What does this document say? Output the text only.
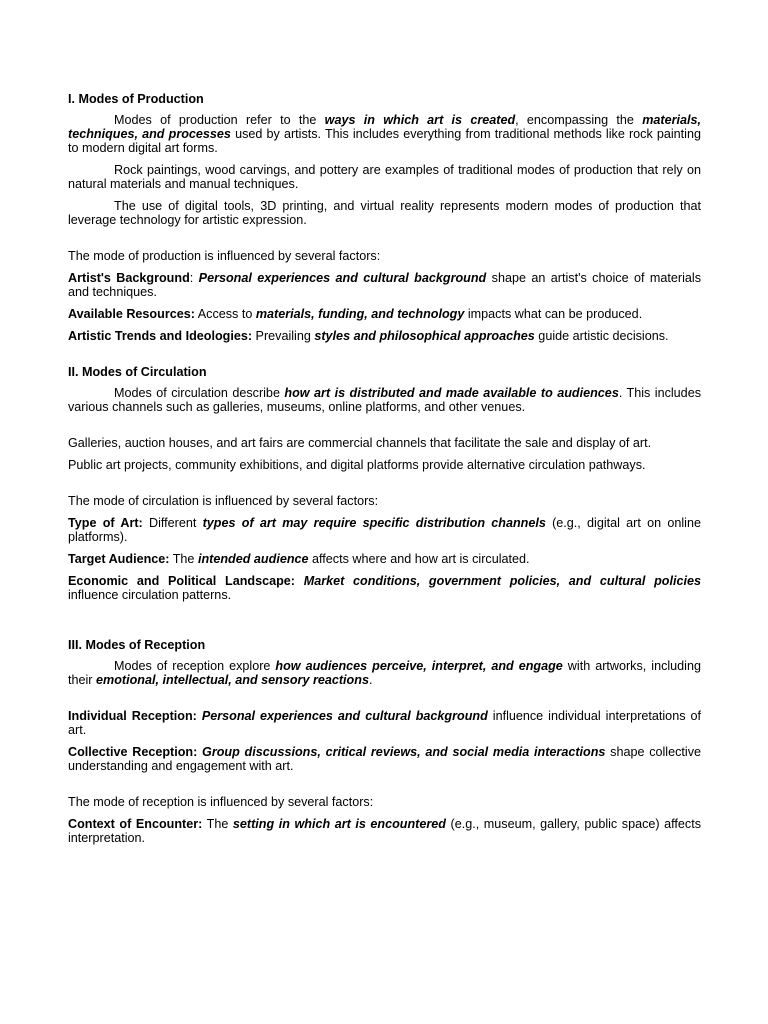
I. Modes of Production
Modes of production refer to the ways in which art is created, encompassing the materials, techniques, and processes used by artists. This includes everything from traditional methods like rock painting to modern digital art forms.
Rock paintings, wood carvings, and pottery are examples of traditional modes of production that rely on natural materials and manual techniques.
The use of digital tools, 3D printing, and virtual reality represents modern modes of production that leverage technology for artistic expression.
The mode of production is influenced by several factors:
Artist's Background: Personal experiences and cultural background shape an artist's choice of materials and techniques.
Available Resources: Access to materials, funding, and technology impacts what can be produced.
Artistic Trends and Ideologies: Prevailing styles and philosophical approaches guide artistic decisions.
II. Modes of Circulation
Modes of circulation describe how art is distributed and made available to audiences. This includes various channels such as galleries, museums, online platforms, and other venues.
Galleries, auction houses, and art fairs are commercial channels that facilitate the sale and display of art.
Public art projects, community exhibitions, and digital platforms provide alternative circulation pathways.
The mode of circulation is influenced by several factors:
Type of Art: Different types of art may require specific distribution channels (e.g., digital art on online platforms).
Target Audience: The intended audience affects where and how art is circulated.
Economic and Political Landscape: Market conditions, government policies, and cultural policies influence circulation patterns.
III. Modes of Reception
Modes of reception explore how audiences perceive, interpret, and engage with artworks, including their emotional, intellectual, and sensory reactions.
Individual Reception: Personal experiences and cultural background influence individual interpretations of art.
Collective Reception: Group discussions, critical reviews, and social media interactions shape collective understanding and engagement with art.
The mode of reception is influenced by several factors:
Context of Encounter: The setting in which art is encountered (e.g., museum, gallery, public space) affects interpretation.
